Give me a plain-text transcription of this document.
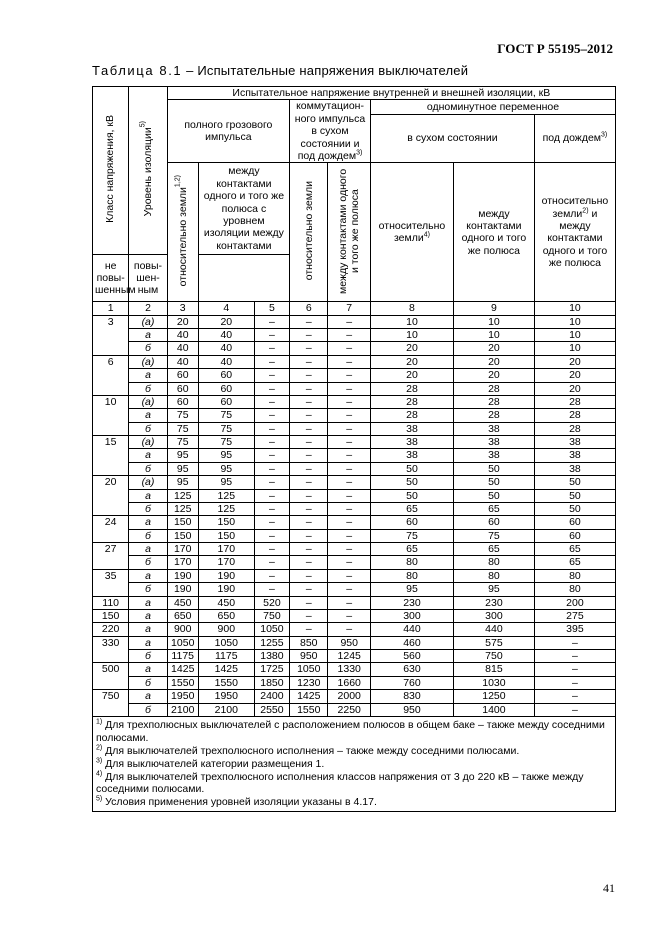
ГОСТ Р 55195–2012
Таблица 8.1 – Испытательные напряжения выключателей
Класс напряжения, кВ	Уровень изоляции$^{5)}$	Испытательное напряжение внутренней и внешней изоляции, кВ							
		полного грозового импульса			коммутацион-ного импульса в сухом состоянии и под дождем$^{3)}$		одноминутное переменное		
							в сухом состоянии		под дождем$^{3)}$
		относительно земли$^{1,2)}$	между контактами одного и того же полюса с уровнем изоляции между контактами		относительно земли	между контактами одного и того же полюса	относительно земли$^{4)}$	между контактами одного и того же полюса	относительно земли$^{2)}$ и между контактами одного и того же полюса
не повы-шенным	повы-шен-ным								
1	2	3	4	5	6	7	8	9	10
3	(а)	20	20	–	–	–	10	10	10
	а	40	40	–	–	–	10	10	10
	б	40	40	–	–	–	20	20	10
6	(а)	40	40	–	–	–	20	20	20
	а	60	60	–	–	–	20	20	20
	б	60	60	–	–	–	28	28	20
10	(а)	60	60	–	–	–	28	28	28
	а	75	75	–	–	–	28	28	28
	б	75	75	–	–	–	38	38	28
15	(а)	75	75	–	–	–	38	38	38
	а	95	95	–	–	–	38	38	38
	б	95	95	–	–	–	50	50	38
20	(а)	95	95	–	–	–	50	50	50
	а	125	125	–	–	–	50	50	50
	б	125	125	–	–	–	65	65	50
24	а	150	150	–	–	–	60	60	60
	б	150	150	–	–	–	75	75	60
27	а	170	170	–	–	–	65	65	65
	б	170	170	–	–	–	80	80	65
35	а	190	190	–	–	–	80	80	80
	б	190	190	–	–	–	95	95	80
110	а	450	450	520	–	–	230	230	200
150	а	650	650	750	–	–	300	300	275
220	а	900	900	1050	–	–	440	440	395
330	а	1050	1050	1255	850	950	460	575	–
	б	1175	1175	1380	950	1245	560	750	–
500	а	1425	1425	1725	1050	1330	630	815	–
	б	1550	1550	1850	1230	1660	760	1030	–
750	а	1950	1950	2400	1425	2000	830	1250	–
	б	2100	2100	2550	1550	2250	950	1400	–

$^{1)}$ Для трехполюсных выключателей с расположением полюсов в общем баке – также между соседними полюсами.
$^{2)}$ Для выключателей трехполюсного исполнения – также между соседними полюсами.
$^{3)}$ Для выключателей категории размещения 1.
$^{4)}$ Для выключателей трехполюсного исполнения классов напряжения от 3 до 220 кВ – также между соседними полюсами.
$^{5)}$ Условия применения уровней изоляции указаны в 4.17.									
41
